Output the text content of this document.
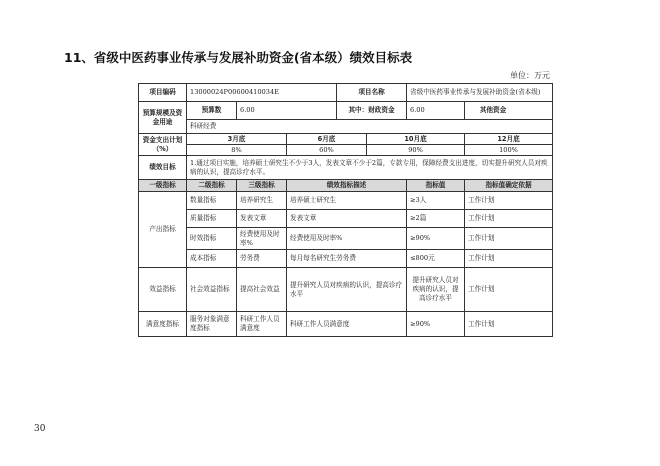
11、省级中医药事业传承与发展补助资金(省本级）绩效目标表
单位：万元
项目编码	13000024P00600410034E			项目名称		省级中医药事业传承与发展补助资金(省本级)	
预算规模及资金用途	预算数	6.00		其中：财政资金		6.00	其他资金
	科研经费						
资金支出计划（%）	3月底		6月底		10月底		12月底
	8%		60%		90%		100%
绩效目标	1.通过项目实施，培养硕士研究生不少于3人，发表文章不少于2篇，专款专用，保障经费支出进度，切实提升研究人员对疾病的认识，提高诊疗水平。						
一级指标	二级指标	三级指标	绩效指标描述			指标值	指标值确定依据
产出指标	数量指标	培养研究生	培养硕士研究生			≥3人	工作计划
	质量指标	发表文章	发表文章			≥2篇	工作计划
	时效指标	经费使用及时率%	经费使用及时率%			≥90%	工作计划
	成本指标	劳务费	每月每名研究生劳务费			≤800元	工作计划
效益指标	社会效益指标	提高社会效益	提升研究人员对疾病的认识，提高诊疗水平			提升研究人员对疾病的认识，提高诊疗水平	工作计划
满意度指标	服务对象满意度指标	科研工作人员满意度	科研工作人员满意度			≥90%	工作计划
30
